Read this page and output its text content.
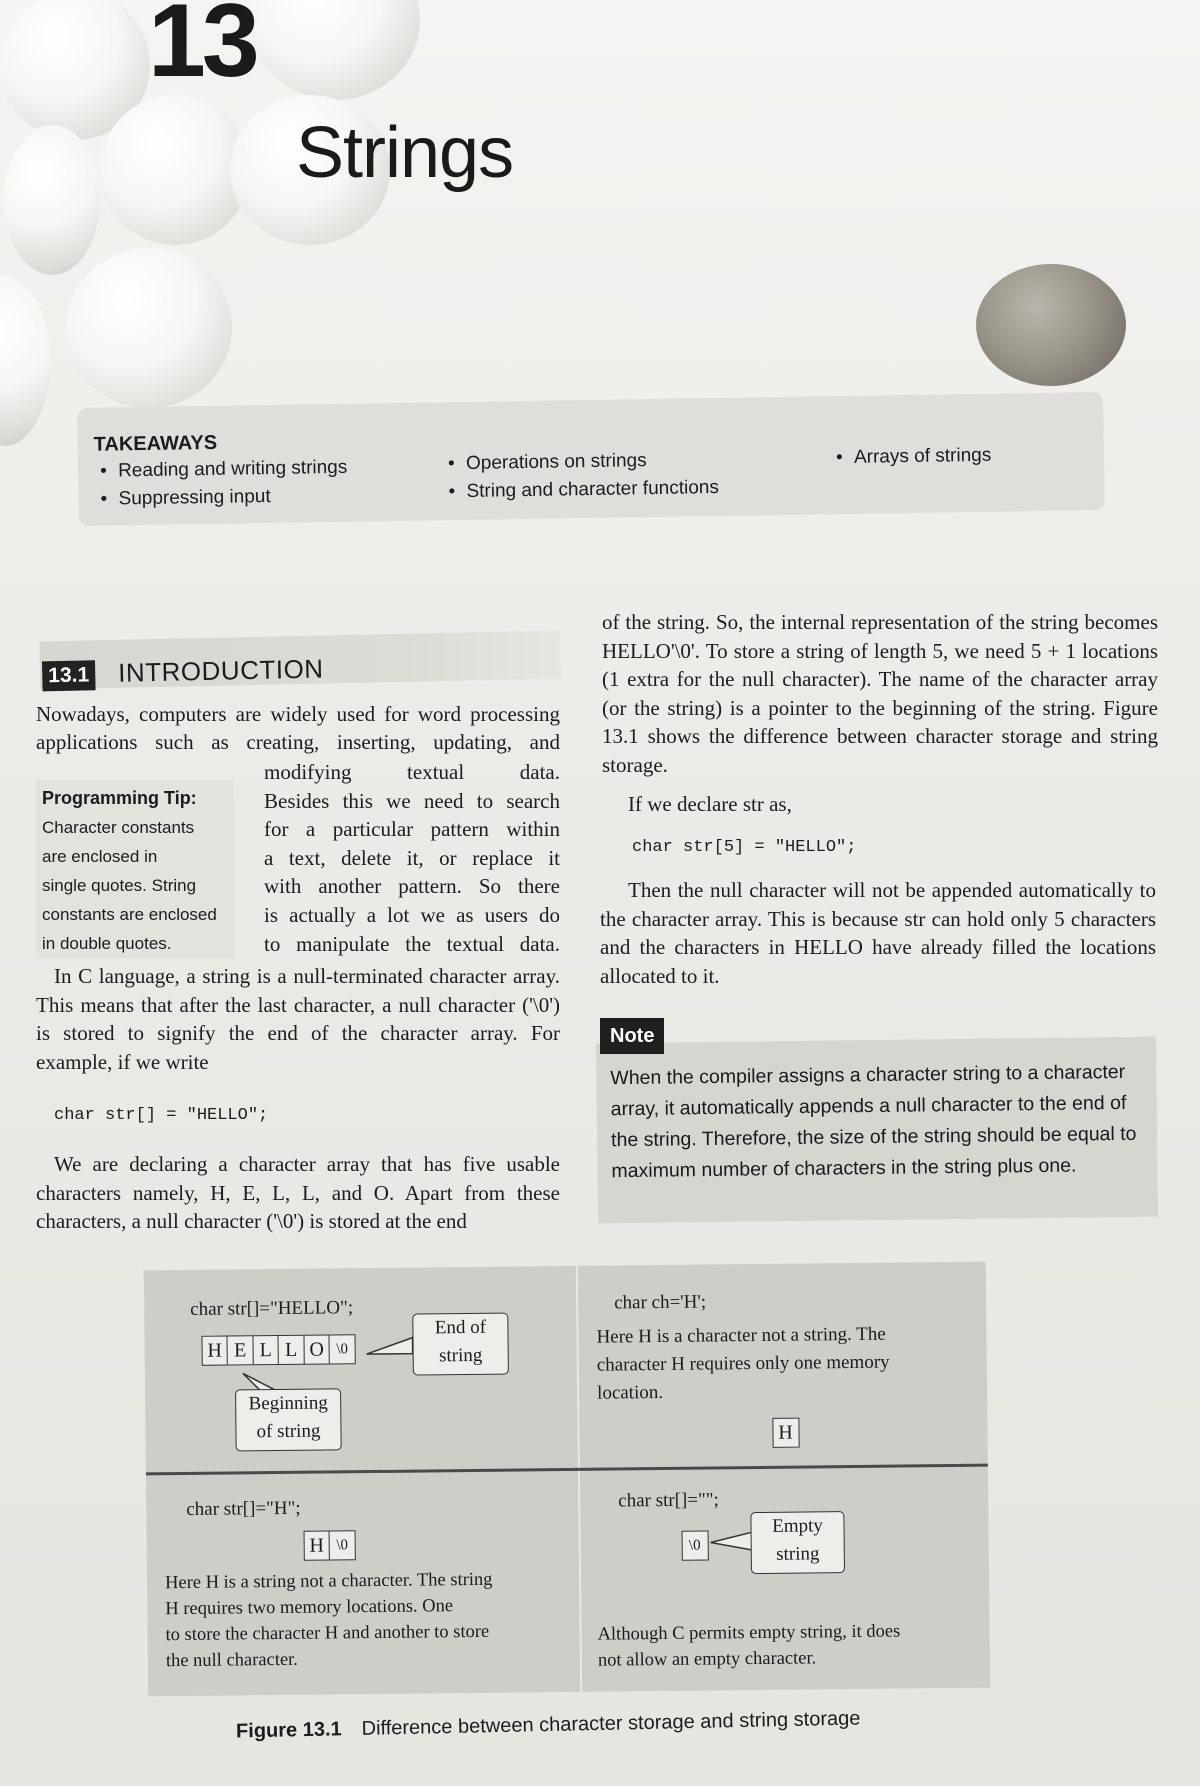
13
Strings
TAKEAWAYS
• Reading and writing strings
• Suppressing input
• Operations on strings
• String and character functions
• Arrays of strings
13.1 INTRODUCTION

Nowadays, computers are widely used for word processing

applications such as creating, inserting, updating, and

Programming Tip:
Character constants
are enclosed in
single quotes. String
constants are enclosed
in double quotes.
modifying textual data.
Besides this we need to search
for a particular pattern within
a text, delete it, or replace it
with another pattern. So there
is actually a lot we as users do
to manipulate the textual data.

In C language, a string is a null-terminated character array. This means that after the last character, a null character ('\0') is stored to signify the end of the character array. For example, if we write

char str[] = "HELLO";

We are declaring a character array that has five usable characters namely, H, E, L, L, and O. Apart from these characters, a null character ('\0') is stored at the end

of the string. So, the internal representation of the string becomes HELLO'\0'. To store a string of length 5, we need 5 + 1 locations (1 extra for the null character). The name of the character array (or the string) is a pointer to the beginning of the string. Figure 13.1 shows the difference between character storage and string storage.

If we declare str as,

char str[5] = "HELLO";

Then the null character will not be appended automatically to the character array. This is because str can hold only 5 characters and the characters in HELLO have already filled the locations allocated to it.

When the compiler assigns a character string to a character array, it automatically appends a null character to the end of the string. Therefore, the size of the string should be equal to maximum number of characters in the string plus one.
Note
char str[]="HELLO";
H E L L O \0
End of
string
Beginning
of string
char ch='H';
Here H is a character not a string. The
character H requires only one memory
location.
H
char str[]="H";
H \0
Here H is a string not a character. The string
H requires two memory locations. One
to store the character H and another to store
the null character.
char str[]="";
\0
Empty
string
Although C permits empty string, it does
not allow an empty character.
Figure 13.1 Difference between character storage and string storage
